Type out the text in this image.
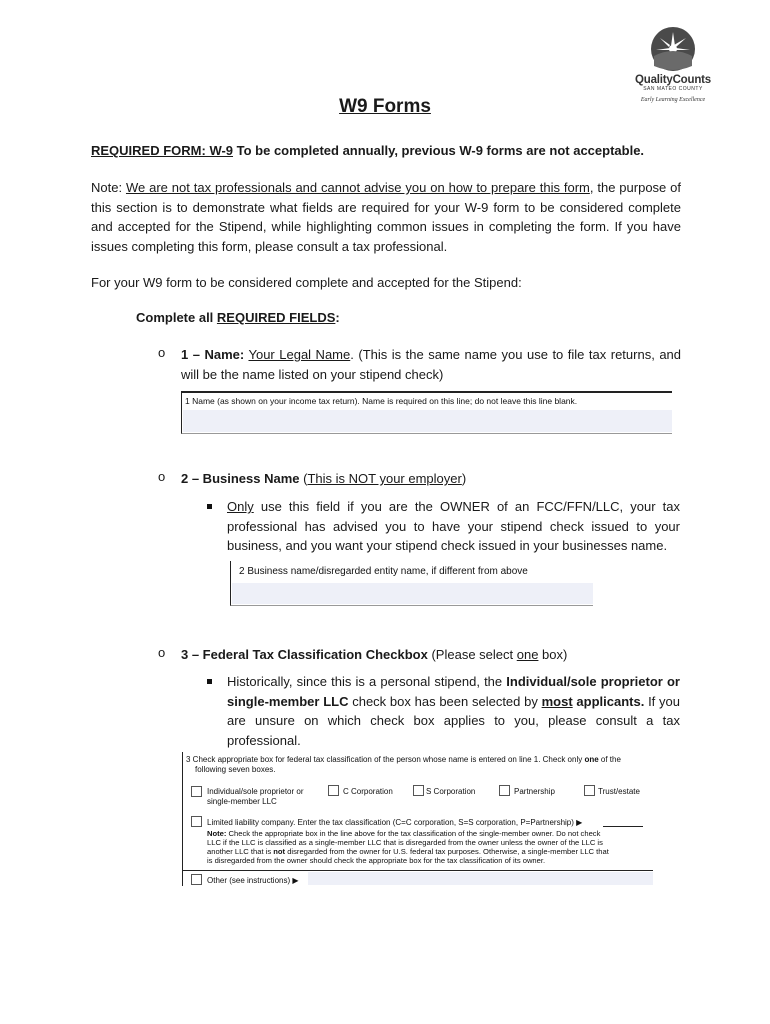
QualityCounts
SAN MATEO COUNTY
Early Learning Excellence
W9 Forms
REQUIRED FORM: W-9 To be completed annually, previous W-9 forms are not acceptable.
Note: We are not tax professionals and cannot advise you on how to prepare this form, the purpose of this section is to demonstrate what fields are required for your W-9 form to be considered complete and accepted for the Stipend, while highlighting common issues in completing the form. If you have issues completing this form, please consult a tax professional.
For your W9 form to be considered complete and accepted for the Stipend:
Complete all REQUIRED FIELDS:
o 1 – Name: Your Legal Name. (This is the same name you use to file tax returns, and will be the name listed on your stipend check)
1 Name (as shown on your income tax return). Name is required on this line; do not leave this line blank.
o 2 – Business Name (This is NOT your employer)
Only use this field if you are the OWNER of an FCC/FFN/LLC, your tax professional has advised you to have your stipend check issued to your business, and you want your stipend check issued in your businesses name.
2 Business name/disregarded entity name, if different from above
o 3 – Federal Tax Classification Checkbox (Please select one box)
Historically, since this is a personal stipend, the Individual/sole proprietor or single-member LLC check box has been selected by most applicants. If you are unsure on which check box applies to you, please consult a tax professional.
3 Check appropriate box for federal tax classification of the person whose name is entered on line 1. Check only one of the
following seven boxes.
Individual/sole proprietor or
single-member LLC
C Corporation	S Corporation	Partnership	Trust/estate
Limited liability company. Enter the tax classification (C=C corporation, S=S corporation, P=Partnership) ▶
Note: Check the appropriate box in the line above for the tax classification of the single-member owner. Do not check
LLC if the LLC is classified as a single-member LLC that is disregarded from the owner unless the owner of the LLC is
another LLC that is not disregarded from the owner for U.S. federal tax purposes. Otherwise, a single-member LLC that
is disregarded from the owner should check the appropriate box for the tax classification of its owner.
Other (see instructions) ▶
